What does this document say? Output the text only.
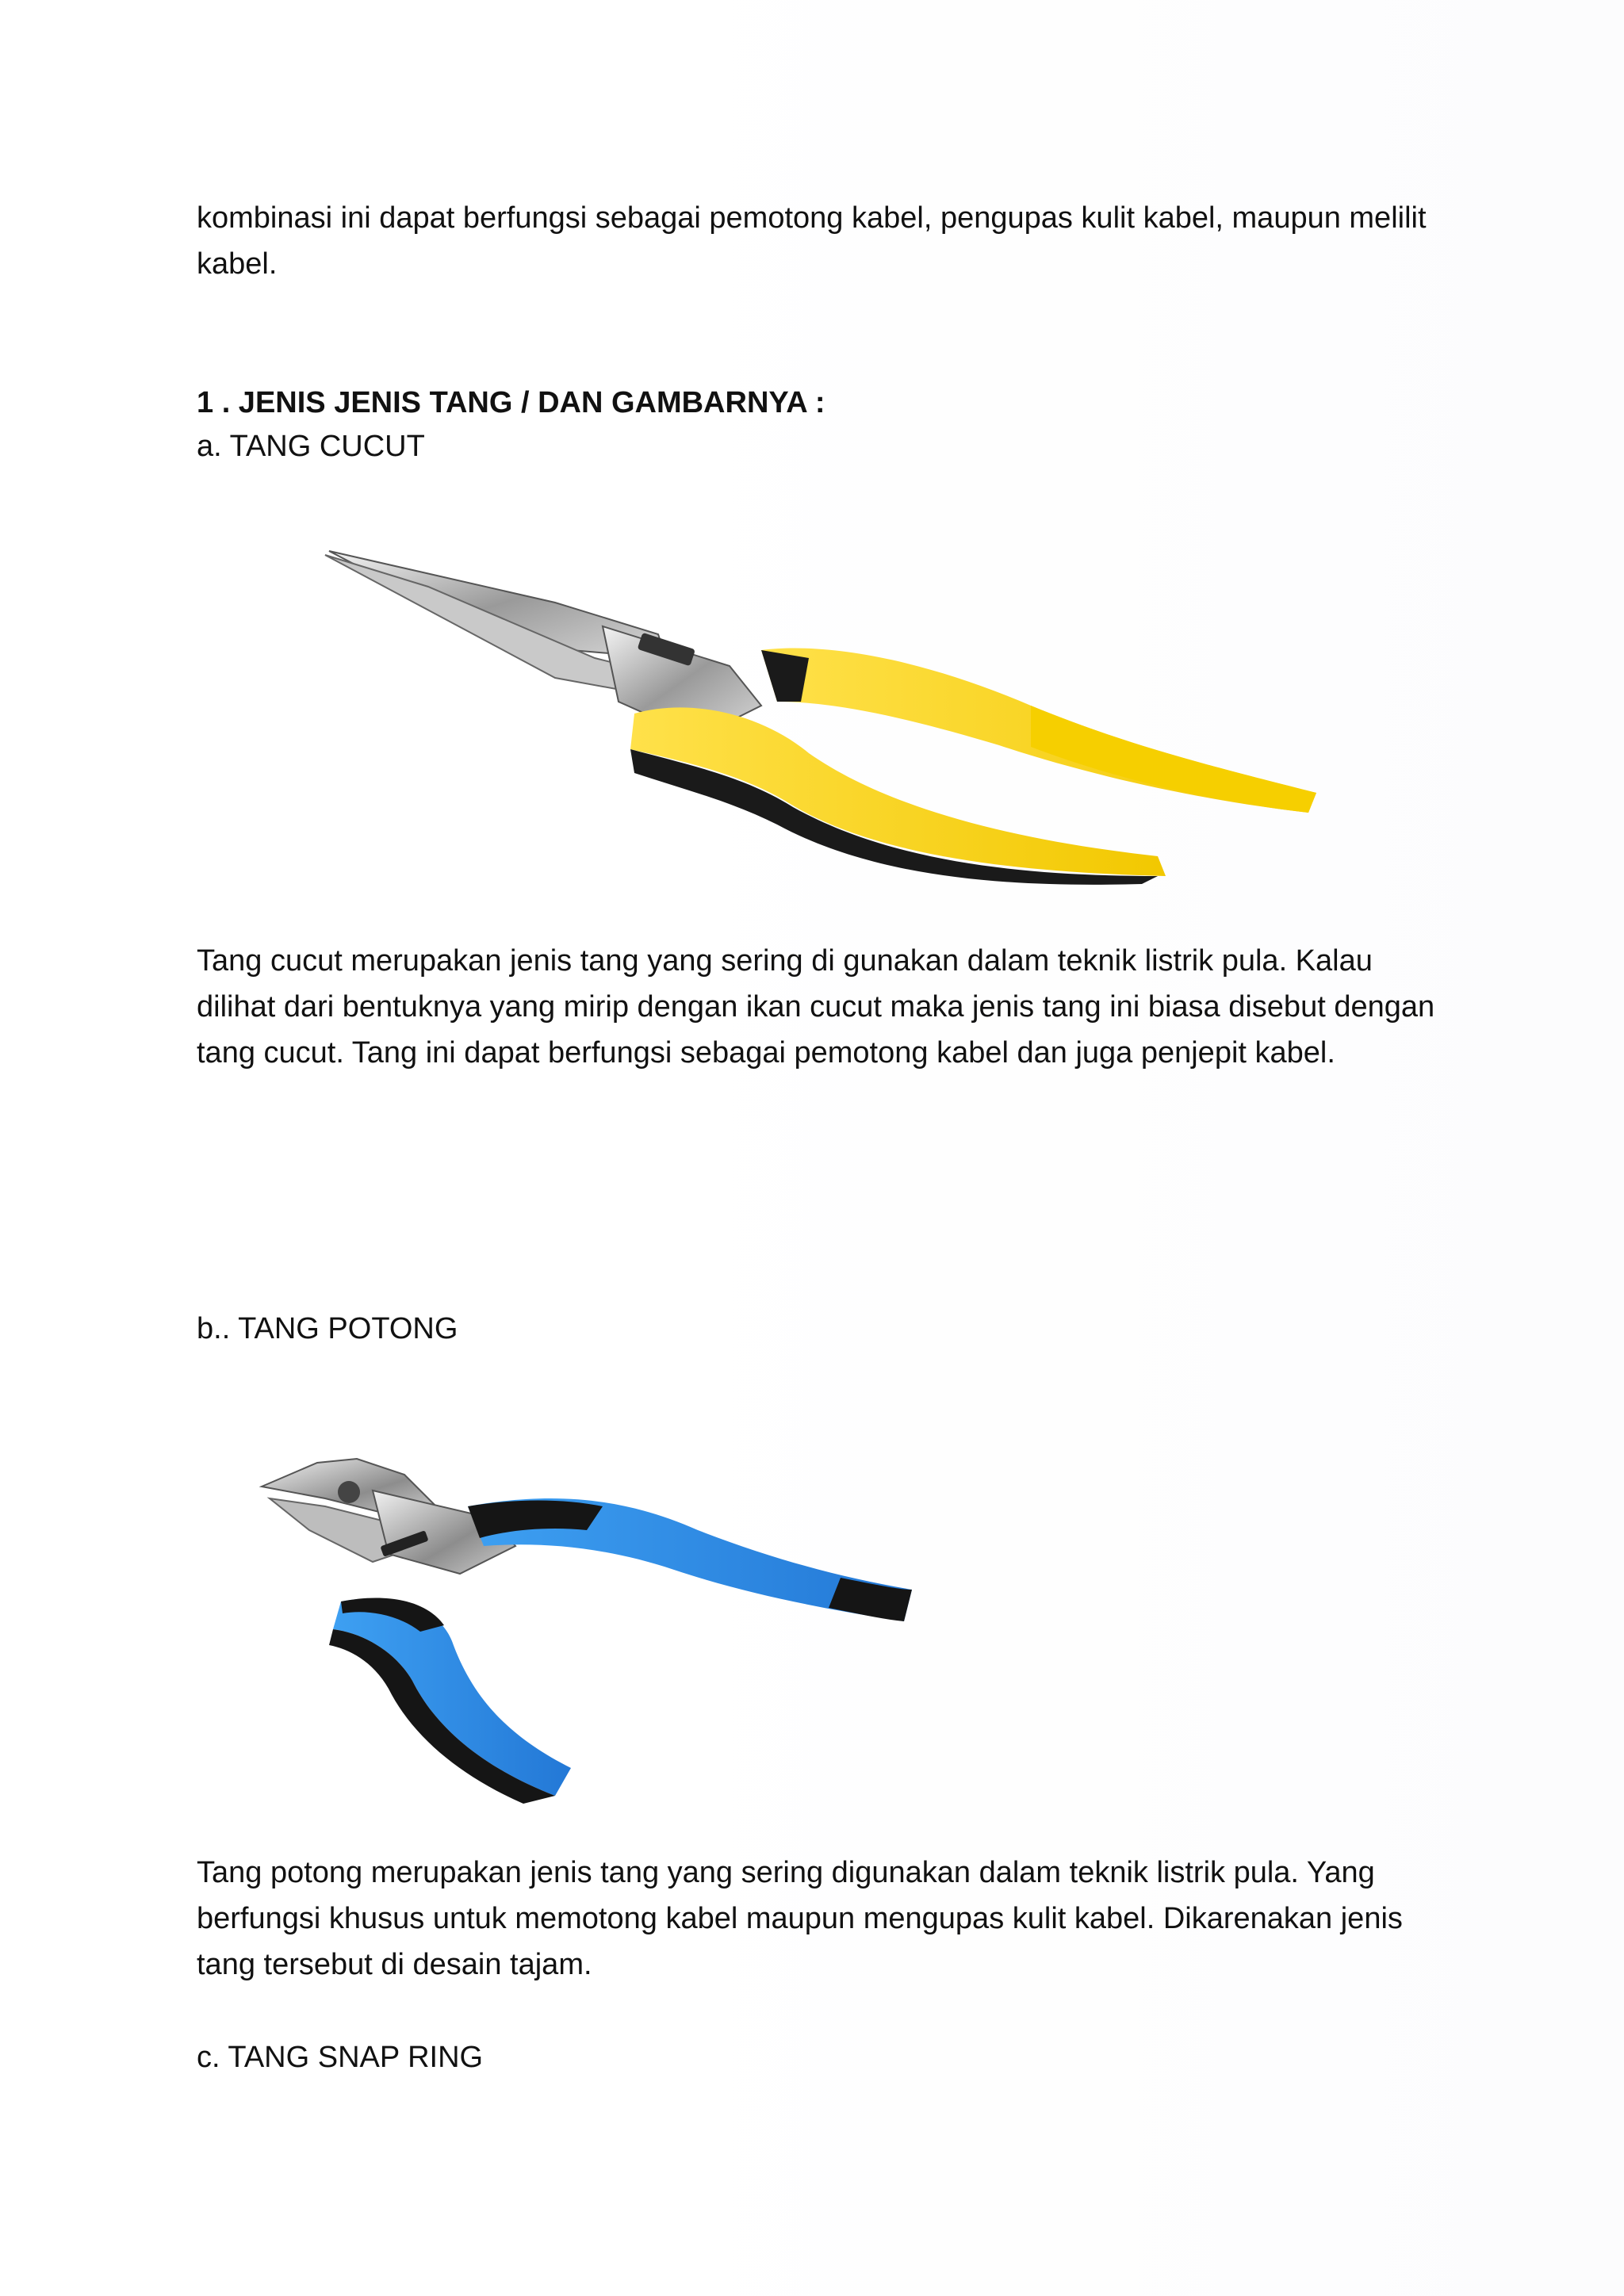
kombinasi ini dapat berfungsi sebagai pemotong kabel, pengupas kulit kabel, maupun melilit kabel.

1 . JENIS JENIS TANG / DAN GAMBARNYA :

a. TANG CUCUT

Tang cucut merupakan jenis tang yang sering di gunakan dalam teknik listrik pula. Kalau dilihat dari bentuknya yang mirip dengan ikan cucut maka jenis tang ini biasa disebut dengan tang cucut. Tang ini dapat berfungsi sebagai pemotong kabel dan juga penjepit kabel.

b.. TANG POTONG

Tang potong merupakan jenis tang yang sering digunakan dalam teknik listrik pula. Yang berfungsi khusus untuk memotong kabel maupun mengupas kulit kabel. Dikarenakan jenis tang tersebut di desain tajam.

c. TANG SNAP RING
